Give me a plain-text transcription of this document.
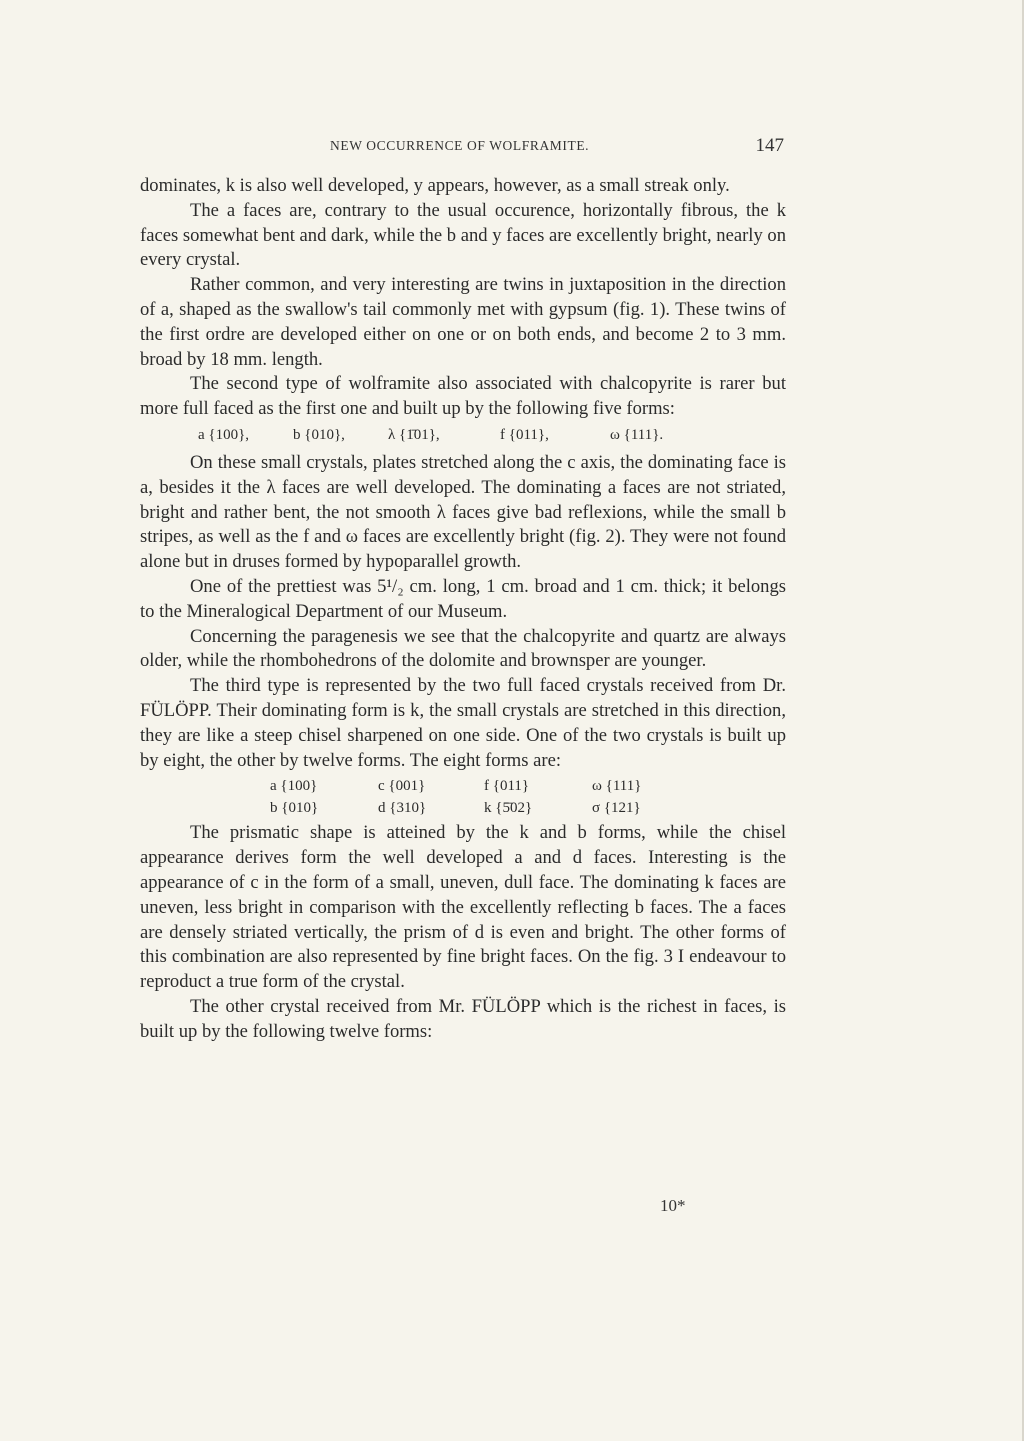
NEW OCCURRENCE OF WOLFRAMITE.	147

dominates, k is also well developed, y appears, however, as a small streak only.

The a faces are, contrary to the usual occurence, horizontally fibrous, the k faces somewhat bent and dark, while the b and y faces are excellently bright, nearly on every crystal.

Rather common, and very interesting are twins in juxtaposition in the direction of a, shaped as the swallow's tail commonly met with gypsum (fig. 1). These twins of the first ordre are developed either on one or on both ends, and become 2 to 3 mm. broad by 18 mm. length.

The second type of wolframite also associated with chalcopyrite is rarer but more full faced as the first one and built up by the following five forms:

a {100},	b {010},	λ {1̄01},	f {011},	ω {111}.

On these small crystals, plates stretched along the c axis, the dominating face is a, besides it the λ faces are well developed. The dominating a faces are not striated, bright and rather bent, the not smooth λ faces give bad reflexions, while the small b stripes, as well as the f and ω faces are excellently bright (fig. 2). They were not found alone but in druses formed by hypoparallel growth.

One of the prettiest was 5¹/₂ cm. long, 1 cm. broad and 1 cm. thick; it belongs to the Mineralogical Department of our Museum.

Concerning the paragenesis we see that the chalcopyrite and quartz are always older, while the rhombohedrons of the dolomite and brownsper are younger.

The third type is represented by the two full faced crystals received from Dr. FÜLÖPP. Their dominating form is k, the small crystals are stretched in this direction, they are like a steep chisel sharpened on one side. One of the two crystals is built up by eight, the other by twelve forms. The eight forms are:

a {100}	c {001}	f {011}	ω {111}
b {010}	d {310}	k {5̄02}	σ {121}

The prismatic shape is atteined by the k and b forms, while the chisel appearance derives form the well developed a and d faces. Interesting is the appearance of c in the form of a small, uneven, dull face. The dominating k faces are uneven, less bright in comparison with the excellently reflecting b faces. The a faces are densely striated vertically, the prism of d is even and bright. The other forms of this combination are also represented by fine bright faces. On the fig. 3 I endeavour to reproduct a true form of the crystal.

The other crystal received from Mr. FÜLÖPP which is the richest in faces, is built up by the following twelve forms:

10*
